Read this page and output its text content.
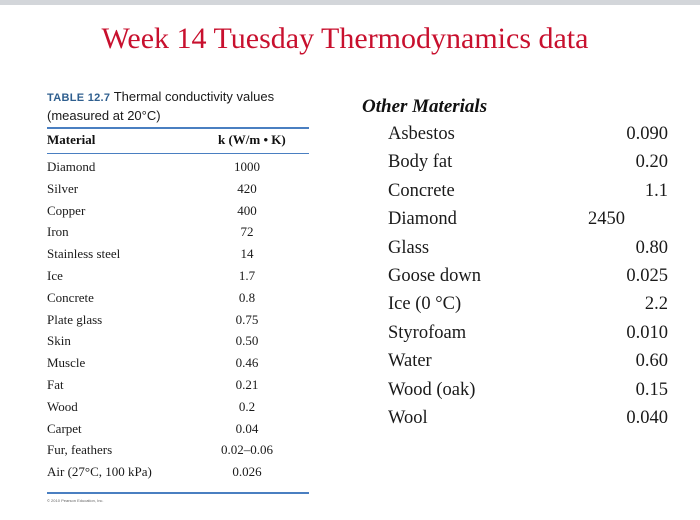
Week 14 Tuesday Thermodynamics data
TABLE 12.7 Thermal conductivity values (measured at 20°C)
Material	k (W/m • K)
Diamond	1000
Silver	420
Copper	400
Iron	72
Stainless steel	14
Ice	1.7
Concrete	0.8
Plate glass	0.75
Skin	0.50
Muscle	0.46
Fat	0.21
Wood	0.2
Carpet	0.04
Fur, feathers	0.02–0.06
Air (27°C, 100 kPa)	0.026
© 2010 Pearson Education, Inc.
Other Materials
Asbestos	0.090
Body fat	0.20
Concrete	1.1
Diamond	2450
Glass	0.80
Goose down	0.025
Ice (0 °C)	2.2
Styrofoam	0.010
Water	0.60
Wood (oak)	0.15
Wool	0.040
